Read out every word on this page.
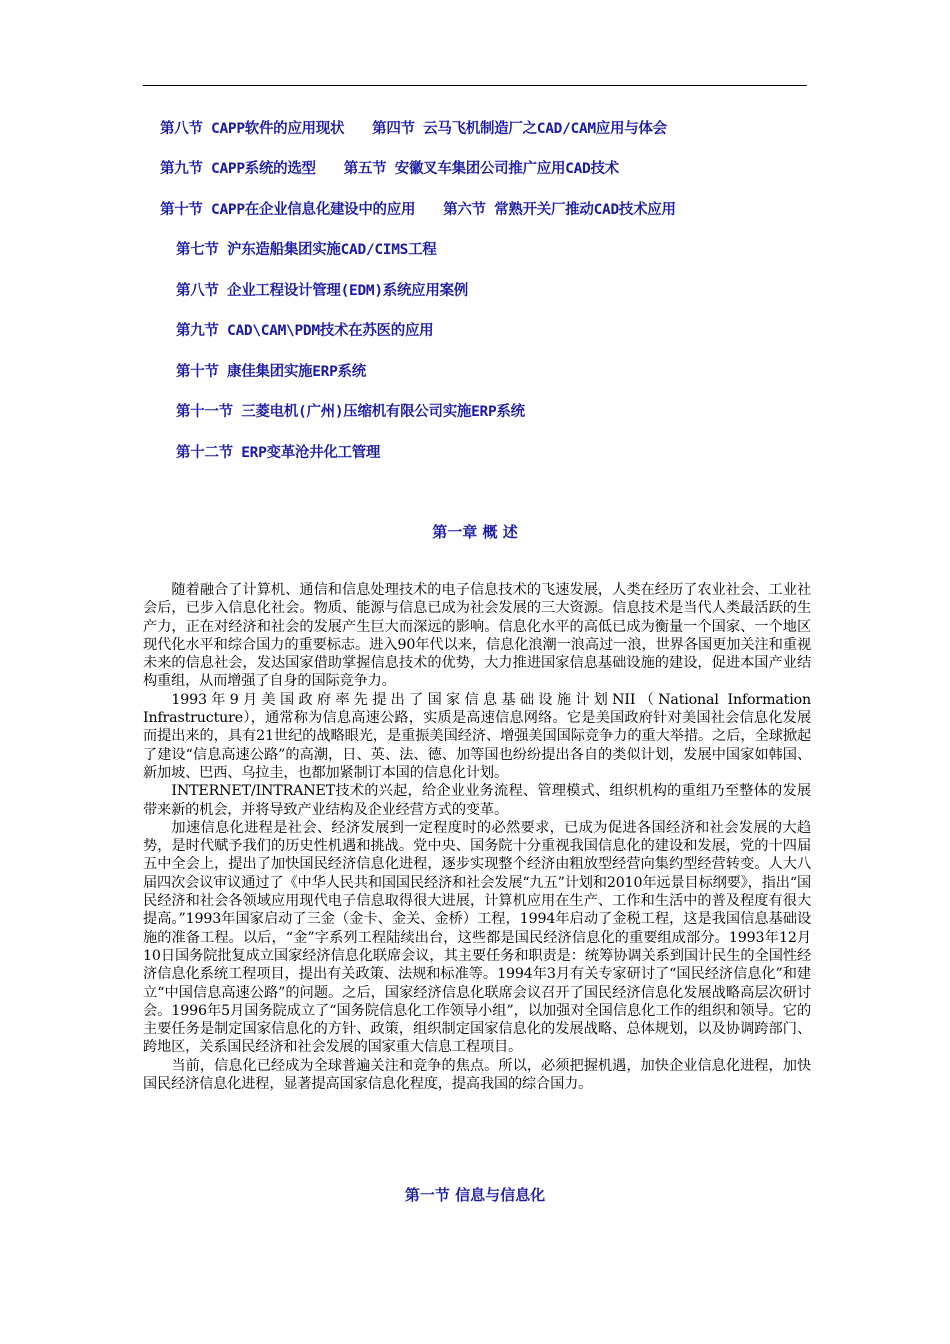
第八节 CAPP软件的应用现状 第四节 云马飞机制造厂之CAD/CAM应用与体会
第九节 CAPP系统的选型 第五节 安徽叉车集团公司推广应用CAD技术
第十节 CAPP在企业信息化建设中的应用 第六节 常熟开关厂推动CAD技术应用
第七节 沪东造船集团实施CAD/CIMS工程
第八节 企业工程设计管理(EDM)系统应用案例
第九节 CAD\CAM\PDM技术在苏医的应用
第十节 康佳集团实施ERP系统
第十一节 三菱电机(广州)压缩机有限公司实施ERP系统
第十二节 ERP变革沧井化工管理
第一章 概 述

随着融合了计算机、通信和信息处理技术的电子信息技术的飞速发展，人类在经历了农业社会、工业社会后，已步入信息化社会。物质、能源与信息已成为社会发展的三大资源。信息技术是当代人类最活跃的生产力，正在对经济和社会的发展产生巨大而深远的影响。信息化水平的高低已成为衡量一个国家、一个地区现代化水平和综合国力的重要标志。进入90年代以来，信息化浪潮一浪高过一浪，世界各国更加关注和重视未来的信息社会，发达国家借助掌握信息技术的优势，大力推进国家信息基础设施的建设，促进本国产业结构重组，从而增强了自身的国际竞争力。

1993年9月美国政府率先提出了国家信息基础设施计划NII（National Information Infrastructure），通常称为信息高速公路，实质是高速信息网络。它是美国政府针对美国社会信息化发展而提出来的，具有21世纪的战略眼光，是重振美国经济、增强美国国际竞争力的重大举措。之后，全球掀起了建设“信息高速公路”的高潮，日、英、法、德、加等国也纷纷提出各自的类似计划，发展中国家如韩国、新加坡、巴西、乌拉圭，也都加紧制订本国的信息化计划。

INTERNET/INTRANET技术的兴起，给企业业务流程、管理模式、组织机构的重组乃至整体的发展带来新的机会，并将导致产业结构及企业经营方式的变革。

加速信息化进程是社会、经济发展到一定程度时的必然要求，已成为促进各国经济和社会发展的大趋势，是时代赋予我们的历史性机遇和挑战。党中央、国务院十分重视我国信息化的建设和发展，党的十四届五中全会上，提出了加快国民经济信息化进程，逐步实现整个经济由粗放型经营向集约型经营转变。人大八届四次会议审议通过了《中华人民共和国国民经济和社会发展“九五”计划和2010年远景目标纲要》，指出“国民经济和社会各领域应用现代电子信息取得很大进展，计算机应用在生产、工作和生活中的普及程度有很大提高。”1993年国家启动了三金（金卡、金关、金桥）工程，1994年启动了金税工程，这是我国信息基础设施的准备工程。以后，“金”字系列工程陆续出台，这些都是国民经济信息化的重要组成部分。1993年12月10日国务院批复成立国家经济信息化联席会议，其主要任务和职责是：统筹协调关系到国计民生的全国性经济信息化系统工程项目，提出有关政策、法规和标准等。1994年3月有关专家研讨了“国民经济信息化”和建立“中国信息高速公路”的问题。之后，国家经济信息化联席会议召开了国民经济信息化发展战略高层次研讨会。1996年5月国务院成立了“国务院信息化工作领导小组”，以加强对全国信息化工作的组织和领导。它的主要任务是制定国家信息化的方针、政策，组织制定国家信息化的发展战略、总体规划，以及协调跨部门、跨地区，关系国民经济和社会发展的国家重大信息工程项目。

当前，信息化已经成为全球普遍关注和竞争的焦点。所以，必须把握机遇，加快企业信息化进程，加快国民经济信息化进程，显著提高国家信息化程度，提高我国的综合国力。

第一节 信息与信息化
